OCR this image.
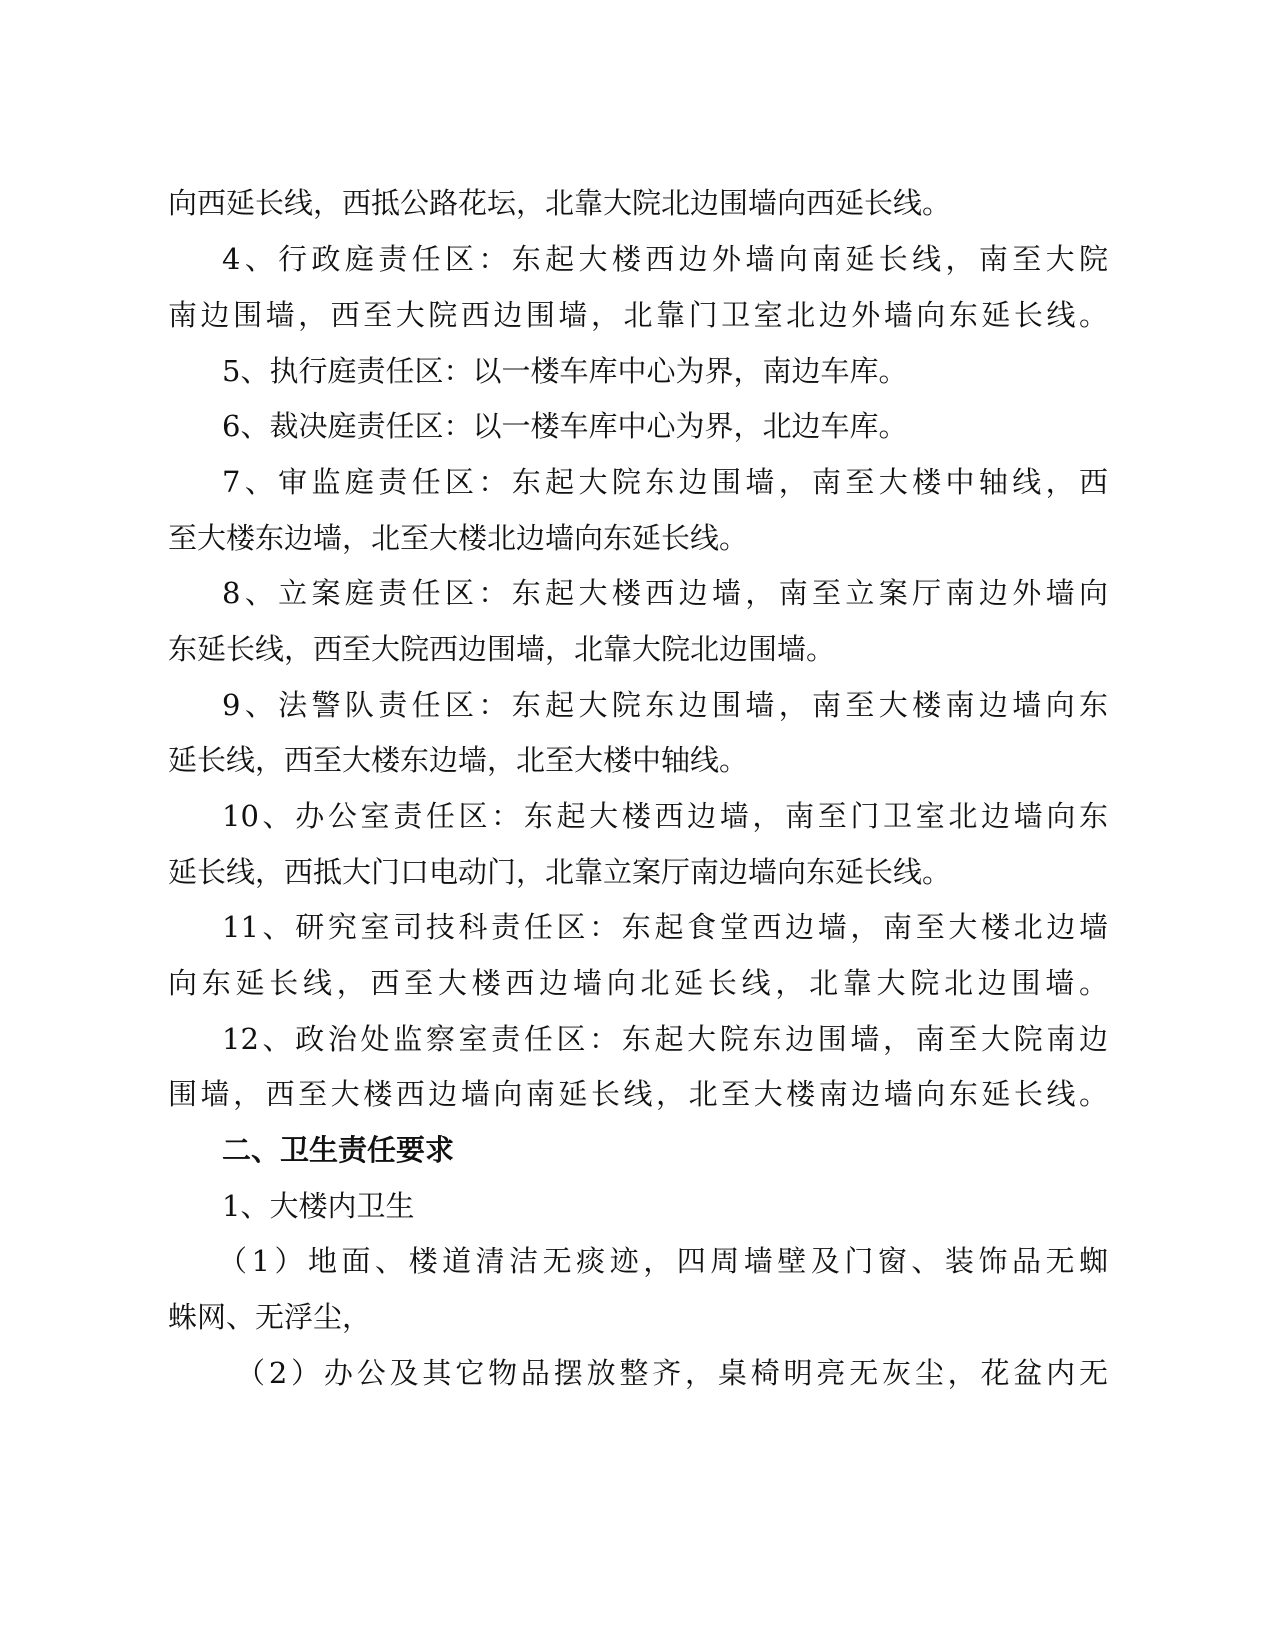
向西延长线，西抵公路花坛，北靠大院北边围墙向西延长线。
4、行政庭责任区：东起大楼西边外墙向南延长线，南至大院
南边围墙，西至大院西边围墙，北靠门卫室北边外墙向东延长线。
5、执行庭责任区：以一楼车库中心为界，南边车库。
6、裁决庭责任区：以一楼车库中心为界，北边车库。
7、审监庭责任区：东起大院东边围墙，南至大楼中轴线，西
至大楼东边墙，北至大楼北边墙向东延长线。
8、立案庭责任区：东起大楼西边墙，南至立案厅南边外墙向
东延长线，西至大院西边围墙，北靠大院北边围墙。
9、法警队责任区：东起大院东边围墙，南至大楼南边墙向东
延长线，西至大楼东边墙，北至大楼中轴线。
10、办公室责任区：东起大楼西边墙，南至门卫室北边墙向东
延长线，西抵大门口电动门，北靠立案厅南边墙向东延长线。
11、研究室司技科责任区：东起食堂西边墙，南至大楼北边墙
向东延长线，西至大楼西边墙向北延长线，北靠大院北边围墙。
12、政治处监察室责任区：东起大院东边围墙，南至大院南边
围墙，西至大楼西边墙向南延长线，北至大楼南边墙向东延长线。
二、卫生责任要求
1、大楼内卫生
（1）地面、楼道清洁无痰迹，四周墙壁及门窗、装饰品无蜘
蛛网、无浮尘，
（2）办公及其它物品摆放整齐，桌椅明亮无灰尘，花盆内无
